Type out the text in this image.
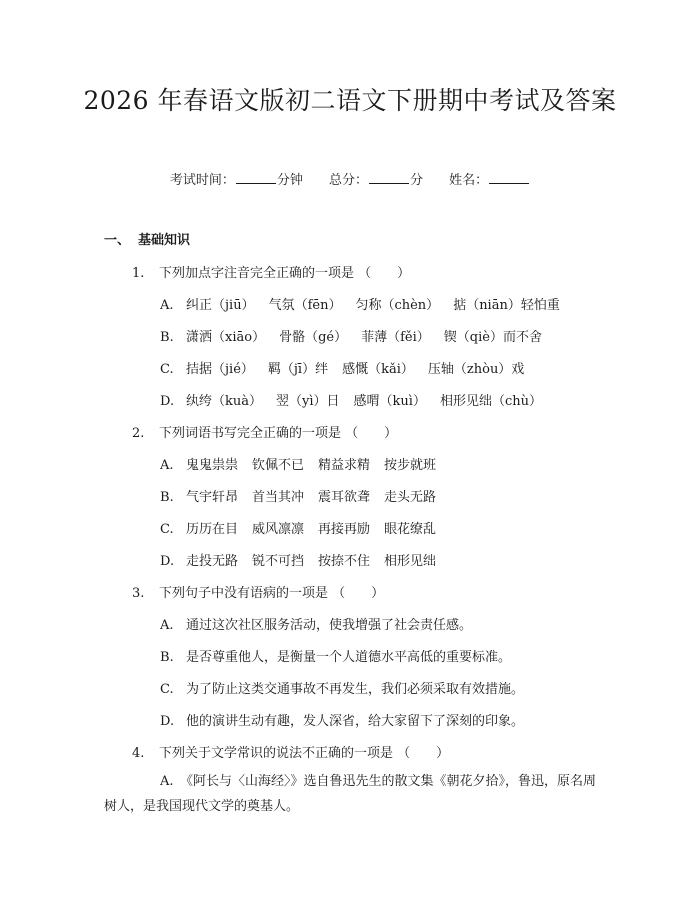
2026 年春语文版初二语文下册期中考试及答案
考试时间：	分钟 总分：	分 姓名：
一、 基础知识
1. 下列加点字注音完全正确的一项是 （　　）
A. 纠正（jiū） 气氛（fēn） 匀称（chèn） 掂（niān）轻怕重
B. 潇洒（xiāo） 骨骼（gé） 菲薄（fěi） 锲（qiè）而不舍
C. 拮据（jié） 羁（jī）绊 感慨（kǎi） 压轴（zhòu）戏
D. 纨绔（kuà） 翌（yì）日 感喟（kuì） 相形见绌（chù）
2. 下列词语书写完全正确的一项是 （　　）
A. 鬼鬼祟祟 钦佩不已 精益求精 按步就班
B. 气宇轩昂 首当其冲 震耳欲聋 走头无路
C. 历历在目 威风凛凛 再接再励 眼花缭乱
D. 走投无路 锐不可挡 按捺不住 相形见绌
3. 下列句子中没有语病的一项是 （　　）
A. 通过这次社区服务活动，使我增强了社会责任感。
B. 是否尊重他人，是衡量一个人道德水平高低的重要标准。
C. 为了防止这类交通事故不再发生，我们必须采取有效措施。
D. 他的演讲生动有趣，发人深省，给大家留下了深刻的印象。
4. 下列关于文学常识的说法不正确的一项是 （　　）
A.　《阿长与〈山海经〉》选自鲁迅先生的散文集《朝花夕拾》，鲁迅，原名周树人，是我国现代文学的奠基人。
